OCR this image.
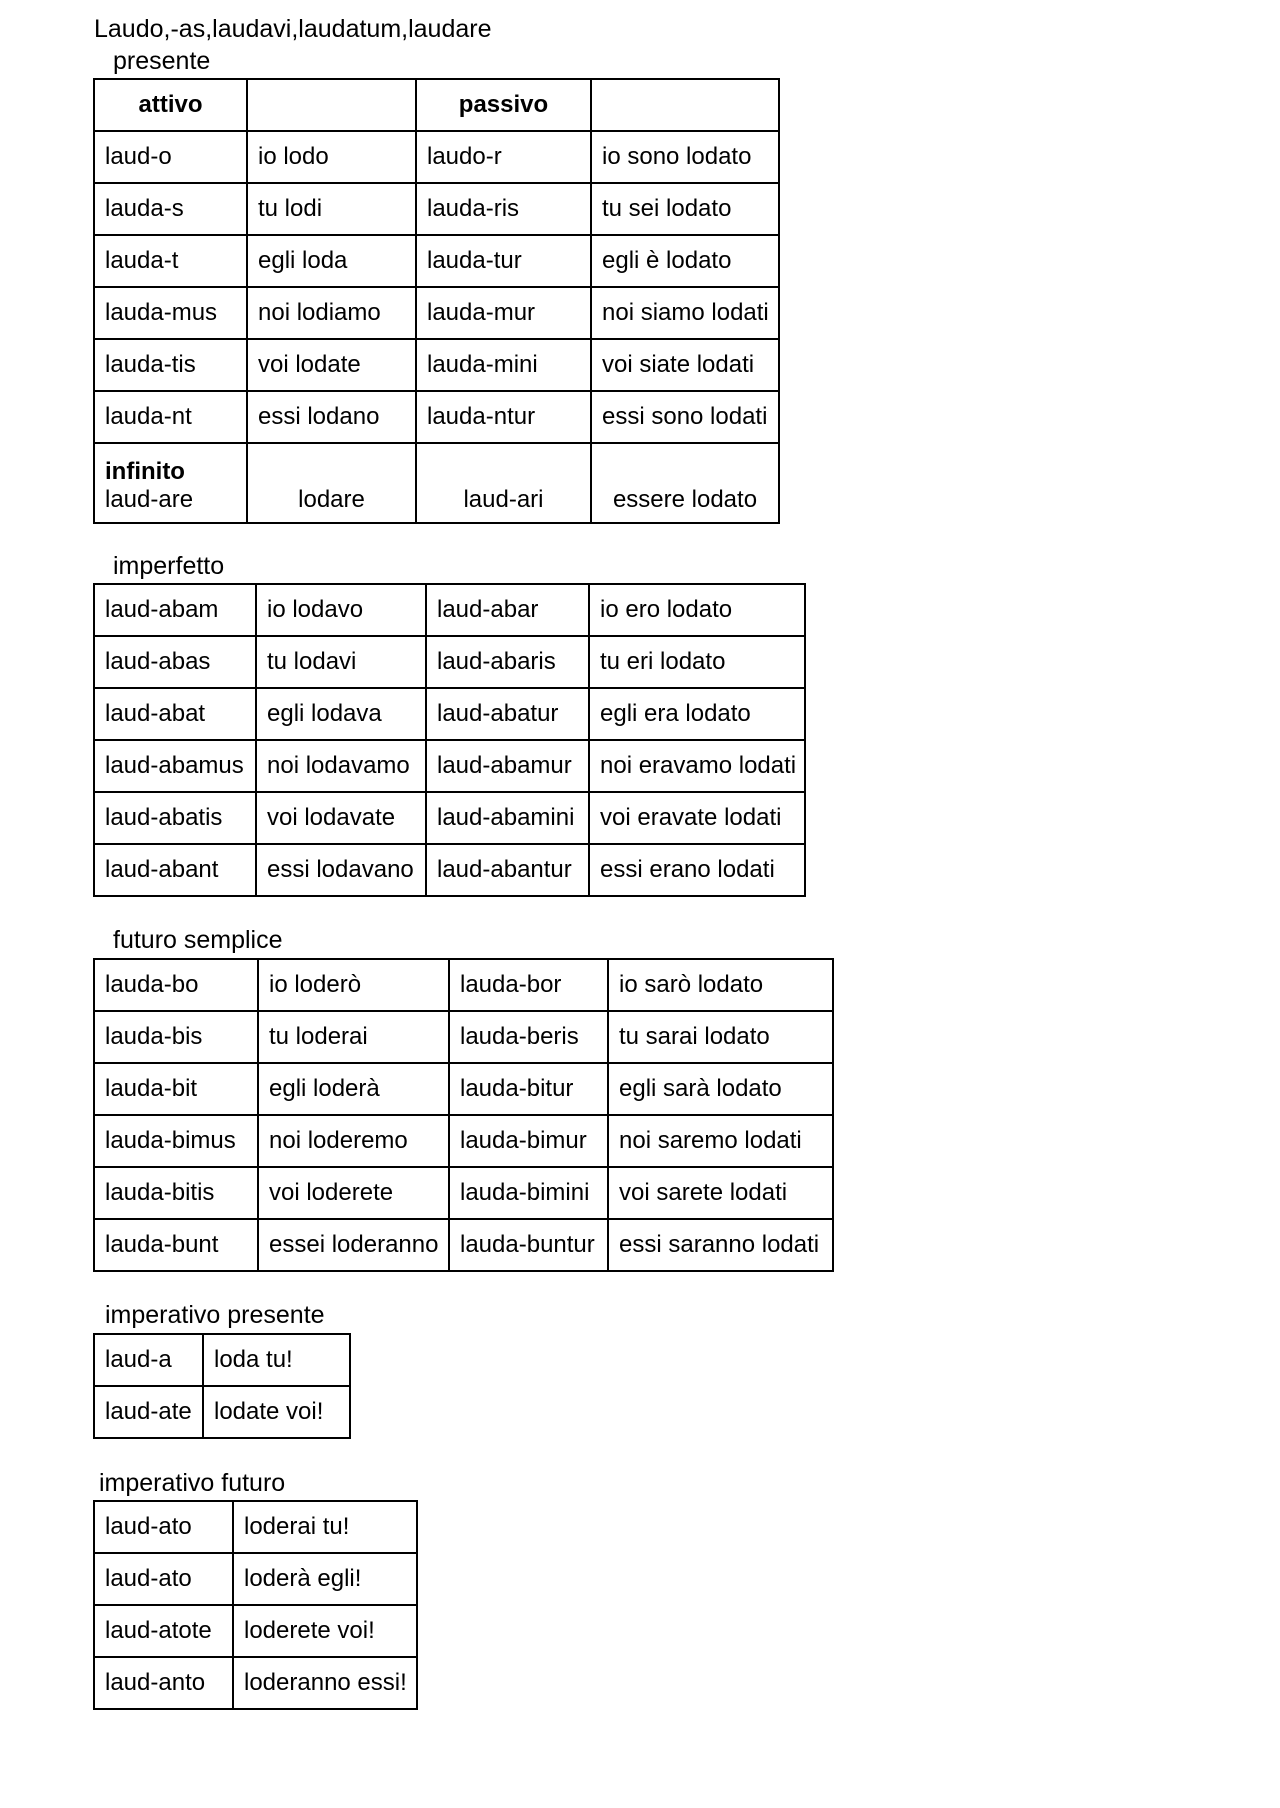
Laudo,-as,laudavi,laudatum,laudare
presente
attivo		passivo	
laud-o	io lodo	laudo-r	io sono lodato
lauda-s	tu lodi	lauda-ris	tu sei lodato
lauda-t	egli loda	lauda-tur	egli è lodato
lauda-mus	noi lodiamo	lauda-mur	noi siamo lodati
lauda-tis	voi lodate	lauda-mini	voi siate lodati
lauda-nt	essi lodano	lauda-ntur	essi sono lodati

infinito
laud-are	lodare	laud-ari	essere lodato
imperfetto
laud-abam	io lodavo	laud-abar	io ero lodato
laud-abas	tu lodavi	laud-abaris	tu eri lodato
laud-abat	egli lodava	laud-abatur	egli era lodato
laud-abamus	noi lodavamo	laud-abamur	noi eravamo lodati
laud-abatis	voi lodavate	laud-abamini	voi eravate lodati
laud-abant	essi lodavano	laud-abantur	essi erano lodati
futuro semplice
lauda-bo	io loderò	lauda-bor	io sarò lodato
lauda-bis	tu loderai	lauda-beris	tu sarai lodato
lauda-bit	egli loderà	lauda-bitur	egli sarà lodato
lauda-bimus	noi loderemo	lauda-bimur	noi saremo lodati
lauda-bitis	voi loderete	lauda-bimini	voi sarete lodati
lauda-bunt	essei loderanno	lauda-buntur	essi saranno lodati
imperativo presente
laud-a	loda tu!
laud-ate	lodate voi!
imperativo futuro
laud-ato	loderai tu!
laud-ato	loderà egli!
laud-atote	loderete voi!
laud-anto	loderanno essi!
